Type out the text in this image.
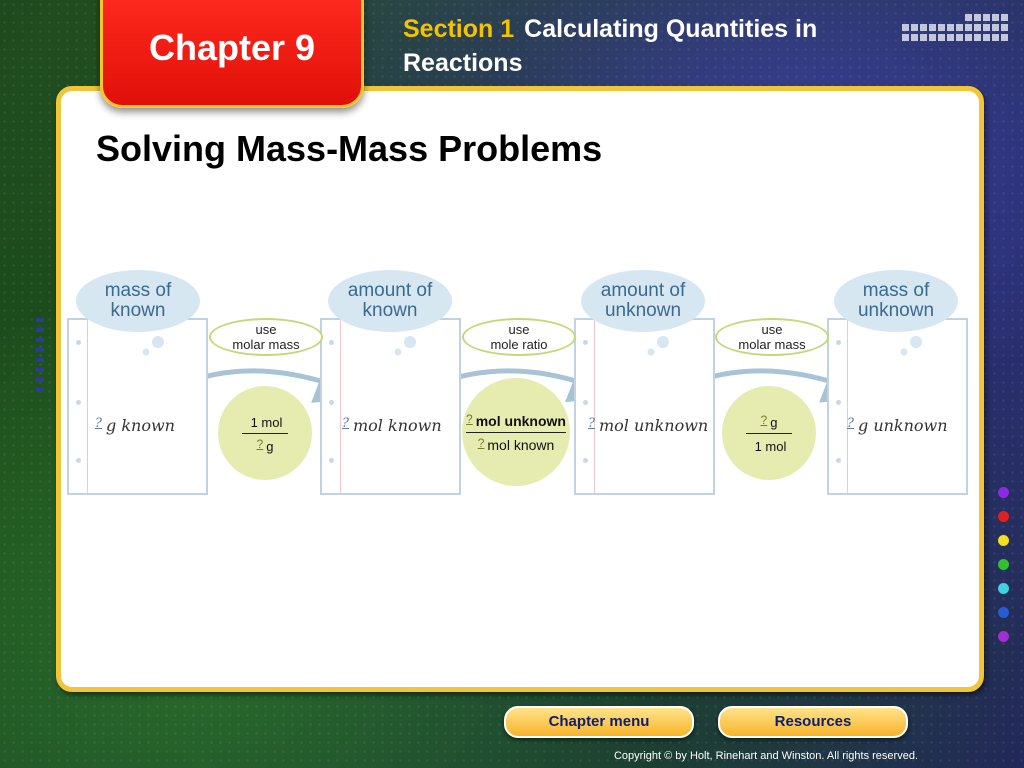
Chapter 9	Section 1 Calculating Quantities in Reactions
Solving Mass-Mass Problems
? g known	? mol known	? mol unknown	? g unknown
mass of
known
amount of
known
amount of
unknown
mass of
unknown
use
molar mass
use
mole ratio
use
molar mass
1 mol
? g
? mol unknown
? mol known
? g
1 mol
Chapter menu	Resources
Copyright © by Holt, Rinehart and Winston. All rights reserved.
